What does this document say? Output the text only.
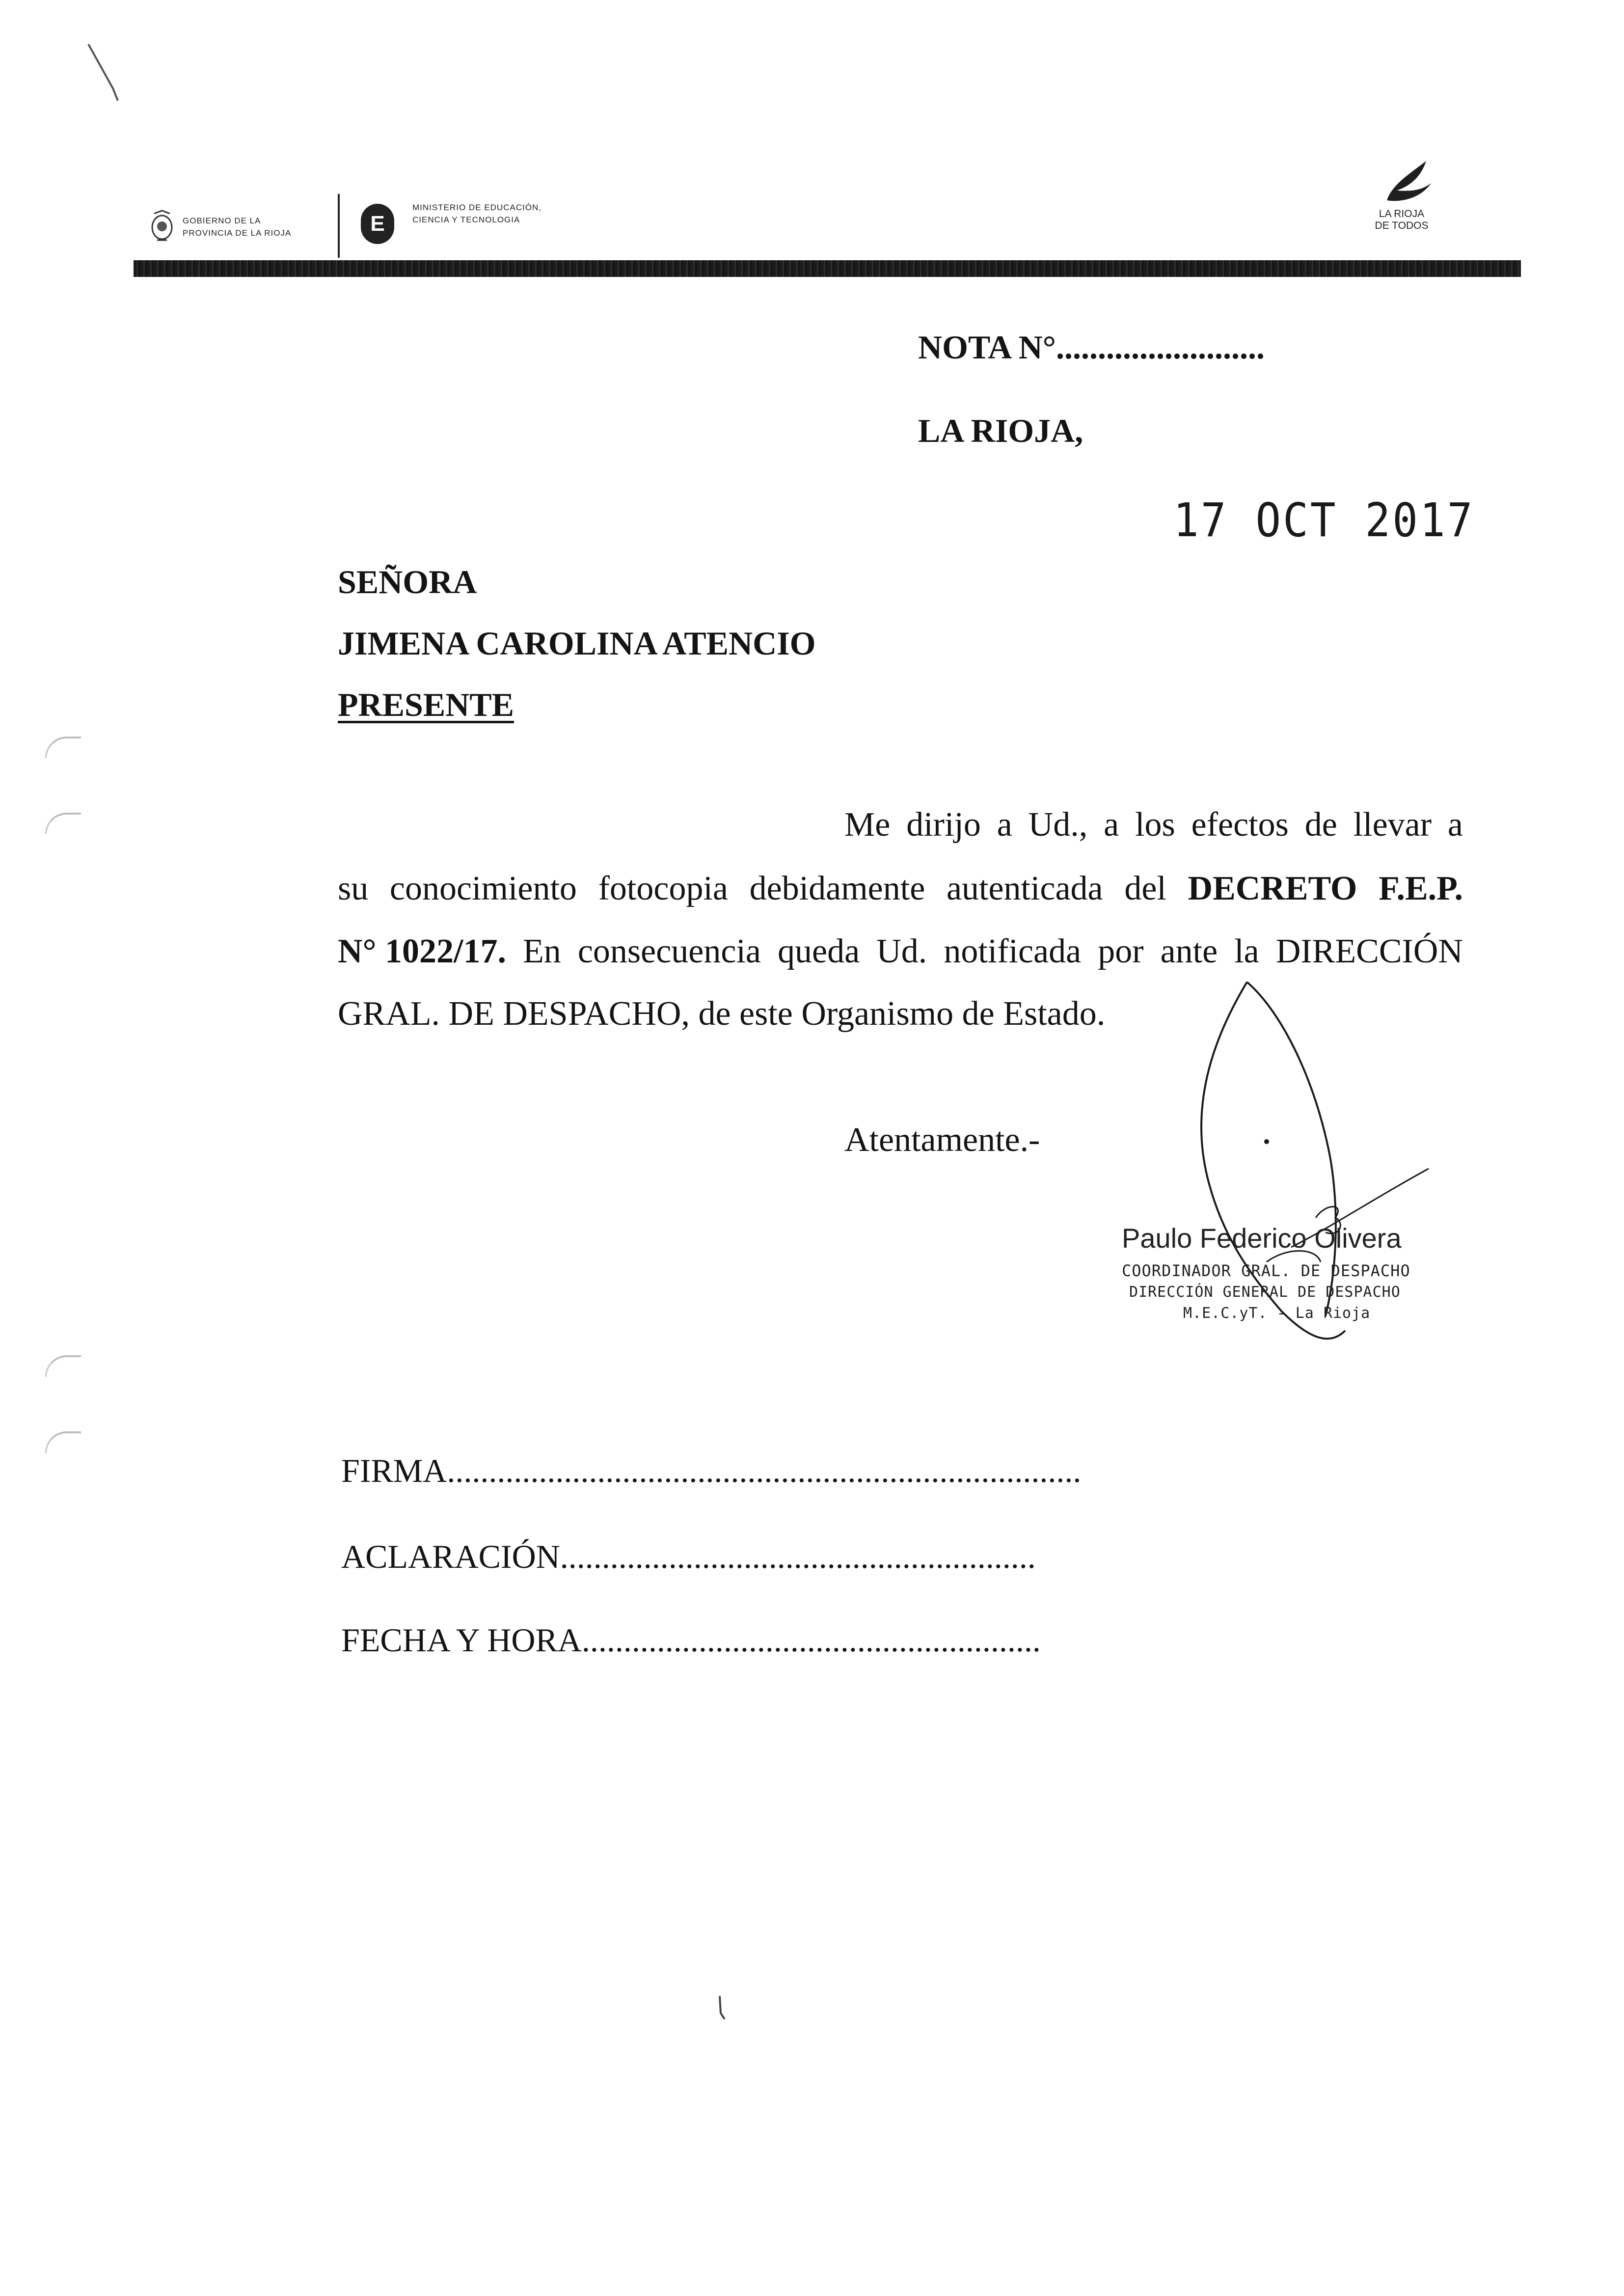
GOBIERNO DE LA
PROVINCIA DE LA RIOJA	E
MINISTERIO DE EDUCACIÓN,
CIENCIA Y TECNOLOGIA
LA RIOJA
DE TODOS
NOTA N°.........................
LA RIOJA,
17 OCT 2017
SEÑORA
JIMENA CAROLINA ATENCIO
PRESENTE
Me dirijo a Ud., a los efectos de llevar a
su conocimiento fotocopia debidamente autenticada del DECRETO F.E.P.
N° 1022/17. En consecuencia queda Ud. notificada por ante la DIRECCIÓN
GRAL. DE DESPACHO, de este Organismo de Estado.
Atentamente.-
Paulo Federico Olivera
COORDINADOR GRAL. DE DESPACHO
DIRECCIÓN GENERAL DE DESPACHO
M.E.C.yT. - La Rioja
FIRMA............................................................................
ACLARACIÓN.........................................................
FECHA Y HORA.......................................................
